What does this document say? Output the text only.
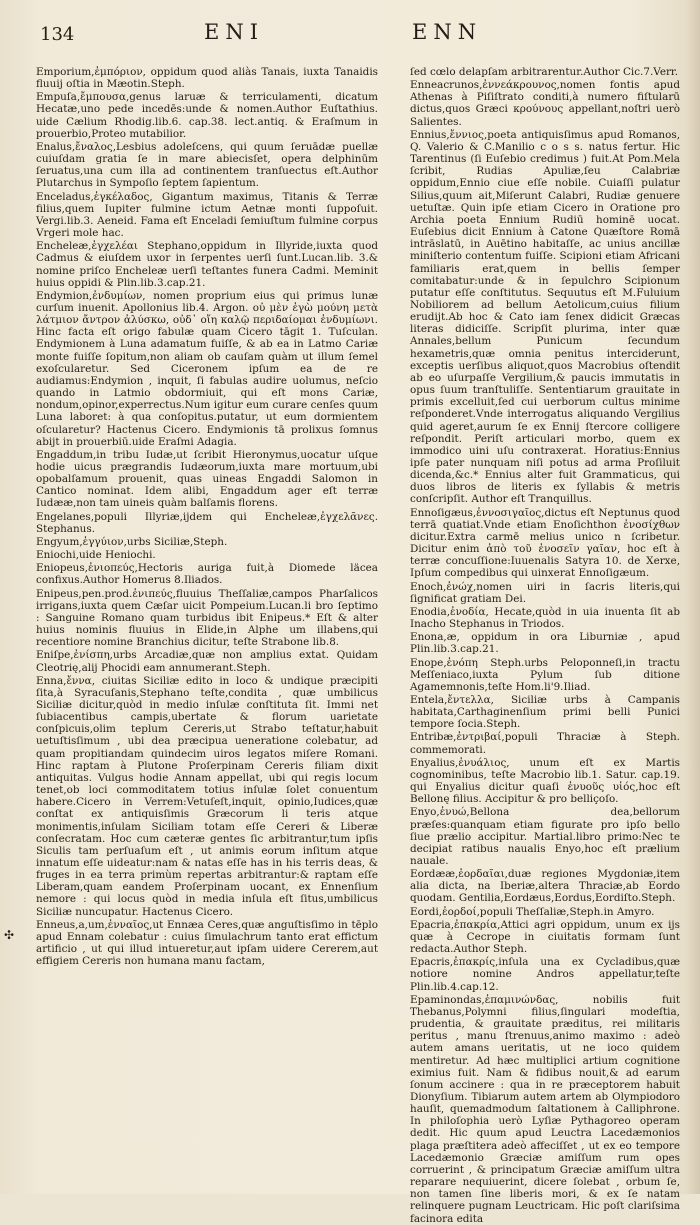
134	ENI	ENN

Emporium,ἐμπόριον, oppidum quod aliàs Tanais, iuxta Tanaidis fluuij oſtia in Mæotin.Steph.

Empuſa,ἔμπουσα,genus laruæ & terriculamenti, dicatum Hecatæ,uno pede incedēs:unde & nomen.Author Euſtathius. uide Cælium Rhodig.lib.6. cap.38. lect.antiq. & Eraſmum in prouerbio,Proteo mutabilior.

Enalus,ἔναλος,Lesbius adoleſcens, qui quum ſeruādæ puellæ cuiuſdam gratia ſe in mare abiecisſet, opera delphinūm ſeruatus,una cum illa ad continentem tranſuectus eſt.Author Plutarchus in Sympoſio ſeptem ſapientum.

Enceladus,ἐγκέλαδος, Gigantum maximus, Titanis & Terræ filius,quem Iupiter fulmine ictum Aetnæ monti ſuppoſuit. Vergi.lib.3. Aeneid. Fama eſt Enceladi ſemiuſtum fulmine corpus Vrgeri mole hac.

Encheleæ,ἐγχελέαι Stephano,oppidum in Illyride,iuxta quod Cadmus & eiuſdem uxor in ſerpentes uerſi ſunt.Lucan.lib. 3.& nomine priſco Encheleæ uerſi teſtantes funera Cadmi. Meminit huius oppidi & Plin.lib.3.cap.21.

Endymion,ἐνδυμίων, nomen proprium eius qui primus lunæ curſum inuenit. Apollonius lib.4. Argon. οὐ μὲν ἐγὼ μούνη μετὰ λάτμιον ἄντρον ἀλύσκω, οὐδ᾽ οἴη καλῷ περιδαίομαι ἐνδυμίωνι. Hinc facta eſt origo fabulæ quam Cicero tāgit 1. Tuſculan. Endymionem à Luna adamatum fuiſſe, & ab ea in Latmo Cariæ monte fuiſſe ſopitum,non aliam ob cauſam quàm ut illum ſemel exoſcularetur. Sed Ciceronem ipſum ea de re audiamus:Endymion , inquit, ſi fabulas audire uolumus, neſcio quando in Latmio obdormiuit, qui eſt mons Cariæ, nondum,opinor,experrectus.Num igitur eum curare cenſes quum Luna laboret: à qua conſopitus.putatur, ut eum dormientem oſcularetur? Hactenus Cicero. Endymionis tā prolixus ſomnus abijt in prouerbiū.uide Eraſmi Adagia.

Engaddum,in tribu Iudæ,ut ſcribit Hieronymus,uocatur uſque hodie uicus prægrandis Iudæorum,iuxta mare mortuum,ubi opobalſamum prouenit, quas uineas Engaddi Salomon in Cantico nominat. Idem alibi, Engaddum ager eſt terræ Iudææ,non tam uineis quàm balſamis florens.

Engelanes,populi Illyriæ,ijdem qui Encheleæ,ἐγχελᾶνες. Stephanus.

Engyum,ἐγγύιον,urbs Siciliæ,Steph.

Eniochi,uide Heniochi.

Eniopeus,ἐνιοπεύς,Hectoris auriga fuit,à Diomede läcea confixus.Author Homerus 8.Iliados.

Enipeus,pen.prod.ἐνιπεύς,fluuius Theſſaliæ,campos Pharſalicos irrigans,iuxta quem Cæſar uicit Pompeium.Lucan.li bro ſeptimo : Sanguine Romano quam turbidus ibit Enipeus.* Eſt & alter huius nominis fluuius in Elide,in Alphe um illabens,qui recentiore nomine Branchius dicitur, teſte Strabone lib.8.

Eniſpe,ἐνίσπη,urbs Arcadiæ,quæ non amplius extat. Quidam Cleotrię,alij Phocidi eam annumerant.Steph.

Enna,ἔννα, ciuitas Siciliæ edito in loco & undique præcipiti ſita,à Syracuſanis,Stephano teſte,condita , quæ umbilicus Siciliæ dicitur,quòd in medio inſulæ conſtituta ſit. Immi net ſubiacentibus campis,ubertate & florum uarietate conſpicuis,olim teplum Cereris,ut Strabo teſtatur,habuit uetuſtisſimum , ubi dea præcipua ueneratione colebatur, ad quam propitiandam quindecim uiros legatos miſere Romani. Hinc raptam à Plutone Proſerpinam Cereris filiam dixit antiquitas. Vulgus hodie Annam appellat, ubi qui regis locum tenet,ob loci commoditatem totius inſulæ ſolet conuentum habere.Cicero in Verrem:Vetuſeſt,inquit, opinio,Iudices,quæ conſtat ex antiquisſimis Græcorum li teris atque monimentis,inſulam Siciliam totam eſſe Cereri & Liberæ conſecratam. Hoc cum cæteræ gentes ſic arbitrantur,tum ipſis Siculis tam perſuaſum eſt , ut animis eorum inſitum atque innatum eſſe uideatur:nam & natas eſſe has in his terris deas, & fruges in ea terra primùm repertas arbitrantur:& raptam eſſe Liberam,quam eandem Proſerpinam uocant, ex Ennenſium nemore : qui locus quòd in media inſula eſt ſitus,umbilicus Siciliæ nuncupatur. Hactenus Cicero.

Enneus,a,um,ἐνναῖος,ut Ennæa Ceres,quæ anguſtisſimo in tēplo apud Ennam colebatur : cuius ſimulachrum tanto erat effictum artificio , ut qui illud intueretur,aut ipſam uidere Cererem,aut effigiem Cereris non humana manu factam,

ſed cœlo delapſam arbitrarentur.Author Cic.7.Verr.

Enneacrunos,ἐννεάκρουνος,nomen fontis apud Athenas à Piſiſtrato conditi,à numero fiſtularū dictus,quos Græci κρούνους appellant,noſtri uerò Salientes.

Ennius,ἔννιος,poeta antiquisſimus apud Romanos, Q. Valerio & C.Manilio c o s s. natus fertur. Hic Tarentinus (ſi Euſebio credimus ) fuit.At Pom.Mela ſcribit, Rudias Apuliæ,ſeu Calabriæ oppidum,Ennio ciue eſſe nobile. Cuiaſſi pulatur Silius,quum ait,Miſerunt Calabri, Rudiæ genuere uetuſtæ. Quin ipſe etiam Cicero in Oratione pro Archia poeta Ennium Rudiū hominē uocat. Euſebius dicit Ennium à Catone Quæſtore Romā intrāslatū, in Auētino habitaſſe, ac unius ancillæ miniſterio contentum fuiſſe. Scipioni etiam Africani familiaris erat,quem in bellis ſemper comitabatur:unde & in ſepulchro Scipionum putatur eſſe conſtitutus. Sequutus eſt M.Fuluium Nobiliorem ad bellum Aetolicum,cuius filium erudijt.Ab hoc & Cato iam ſenex didicit Græcas literas didiciſſe. Scripſit plurima, inter quæ Annales,bellum Punicum ſecundum hexametris,quæ omnia penitus interciderunt, exceptis uerſibus aliquot,quos Macrobius oſtendit ab eo uſurpaſſe Vergilium,& paucis immutatis in opus ſuum tranſtuliſſe. Sententiarum grauitate in primis excelluit,ſed cui uerborum cultus minime reſponderet.Vnde interrogatus aliquando Vergilius quid ageret,aurum ſe ex Ennij ſtercore colligere reſpondit. Periſt articulari morbo, quem ex immodico uini uſu contraxerat. Horatius:Ennius ipſe pater nunquam niſi potus ad arma Proſiluit dicenda,&c.* Ennius alter fuit Grammaticus, qui duos libros de literis ex ſyllabis & metris conſcripſit. Author eſt Tranquillus.

Ennoſigæus,ἐννοσιγαῖος,dictus eſt Neptunus quod terrā quatiat.Vnde etiam Enoſichthon ἐνοσίχθων dicitur.Extra carmē melius unico n ſcribetur. Dicitur enim ἀπὸ τοῦ ἐνοσεῖν γαῖαν, hoc eſt à terræ concuſſione:Iuuenalis Satyra 10. de Xerxe, Ipſum compedibus qui uinxerat Ennoſigæum.

Enoch,ἐνώχ,nomen uiri in ſacris literis,qui ſignificat gratiam Dei.

Enodia,ἐνοδία, Hecate,quòd in uia inuenta ſit ab Inacho Stephanus in Triodos.

Enona,æ, oppidum in ora Liburniæ , apud Plin.lib.3.cap.21.

Enope,ἐνόπη Steph.urbs Peloponneſi,in tractu Meſſeniaco,iuxta Pylum ſub ditione Agamemnonis,teſte Hom.li'9.Iliad.

Entela,ἔντελλα, Siciliæ urbs à Campanis habitata,Carthaginenſium primi belli Punici tempore ſocia.Steph.

Entribæ,ἐντριβαί,populi Thraciæ à Steph. commemorati.

Enyalius,ἐνυάλιος, unum eſt ex Martis cognominibus, teſte Macrobio lib.1. Satur. cap.19. qui Enyalius dicitur quaſi ἐνυοῦς υἱός,hoc eſt Bellonę filius. Accipitur & pro belliçoſo.

Enyo,ἐνυώ,Bellona dea,bellorum præſes:quanquam etiam figurate pro ipſo bello ſiue prælio accipitur. Martial.libro primo:Nec te decipiat ratibus naualis Enyo,hoc eſt prælium nauale.

Eordææ,ἐορδαῖαι,duæ regiones Mygdoniæ,item alia dicta, na Iberiæ,altera Thraciæ,ab Eordo quodam. Gentilia,Eordæus,Eordus,Eordiſto.Steph.

Eordi,ἐορδοί,populi Theſſaliæ,Steph.in Amyro.

Epacria,ἐπακρία,Attici agri oppidum, unum ex ijs quæ à Cecrope in ciuitatis formam ſunt redacta.Author Steph.

Epacris,ἐπακρίς,inſula una ex Cycladibus,quæ notiore nomine Andros appellatur,teſte Plin.lib.4.cap.12.

Epaminondas,ἐπαμινώνδας, nobilis fuit Thebanus,Polymni filius,ſingulari modeſtia, prudentia, & grauitate præditus, rei militaris peritus , manu ſtrenuus,animo maximo : adeò autem amans ueritatis, ut ne ioco quidem mentiretur. Ad hæc multiplici artium cognitione eximius fuit. Nam & fidibus nouit,& ad earum ſonum accinere : qua in re præceptorem habuit Dionyſium. Tibiarum autem artem ab Olympiodoro hauſit, quemadmodum ſaltationem à Calliphrone. In philoſophia uerò Lyſiæ Pythagoreo operam dedit. Hic quum apud Leuctra Lacedæmonios plaga præſtitera adeò affeciſſet , ut ex eo tempore Lacedæmonio Græciæ amiſſum rum opes corruerint , & principatum Græciæ amiſſum ultra reparare nequiuerint, dicere ſolebat , orbum ſe, non tamen ſine liberis mori, & ex ſe natam relinquere pugnam Leuctricam. Hic poſt clariſsima facinora edita

✣
